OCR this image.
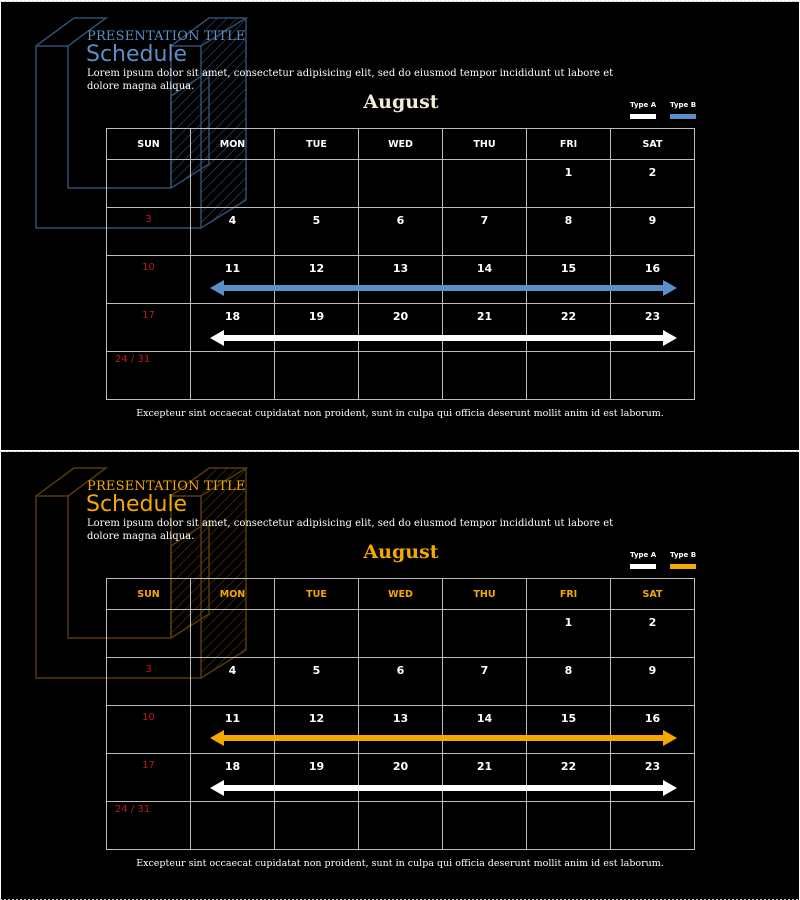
PRESENTATION TITLE
Schedule
Lorem ipsum dolor sit amet, consectetur adipisicing elit, sed do eiusmod tempor incididunt ut labore et dolore magna aliqua.
August	Type A Type B
SUN	MON	TUE	WED	THU	FRI	SAT

					1	2

3	4	5	6	7	8	9

10	11	12	13	14	15	16

17	18	19	20	21	22	23

24 / 31						

Excepteur sint occaecat cupidatat non proident, sunt in culpa qui officia deserunt mollit anim id est laborum.
PRESENTATION TITLE
Schedule
Lorem ipsum dolor sit amet, consectetur adipisicing elit, sed do eiusmod tempor incididunt ut labore et dolore magna aliqua.
August	Type A Type B
SUN	MON	TUE	WED	THU	FRI	SAT

					1	2

3	4	5	6	7	8	9

10	11	12	13	14	15	16

17	18	19	20	21	22	23

24 / 31						

Excepteur sint occaecat cupidatat non proident, sunt in culpa qui officia deserunt mollit anim id est laborum.
